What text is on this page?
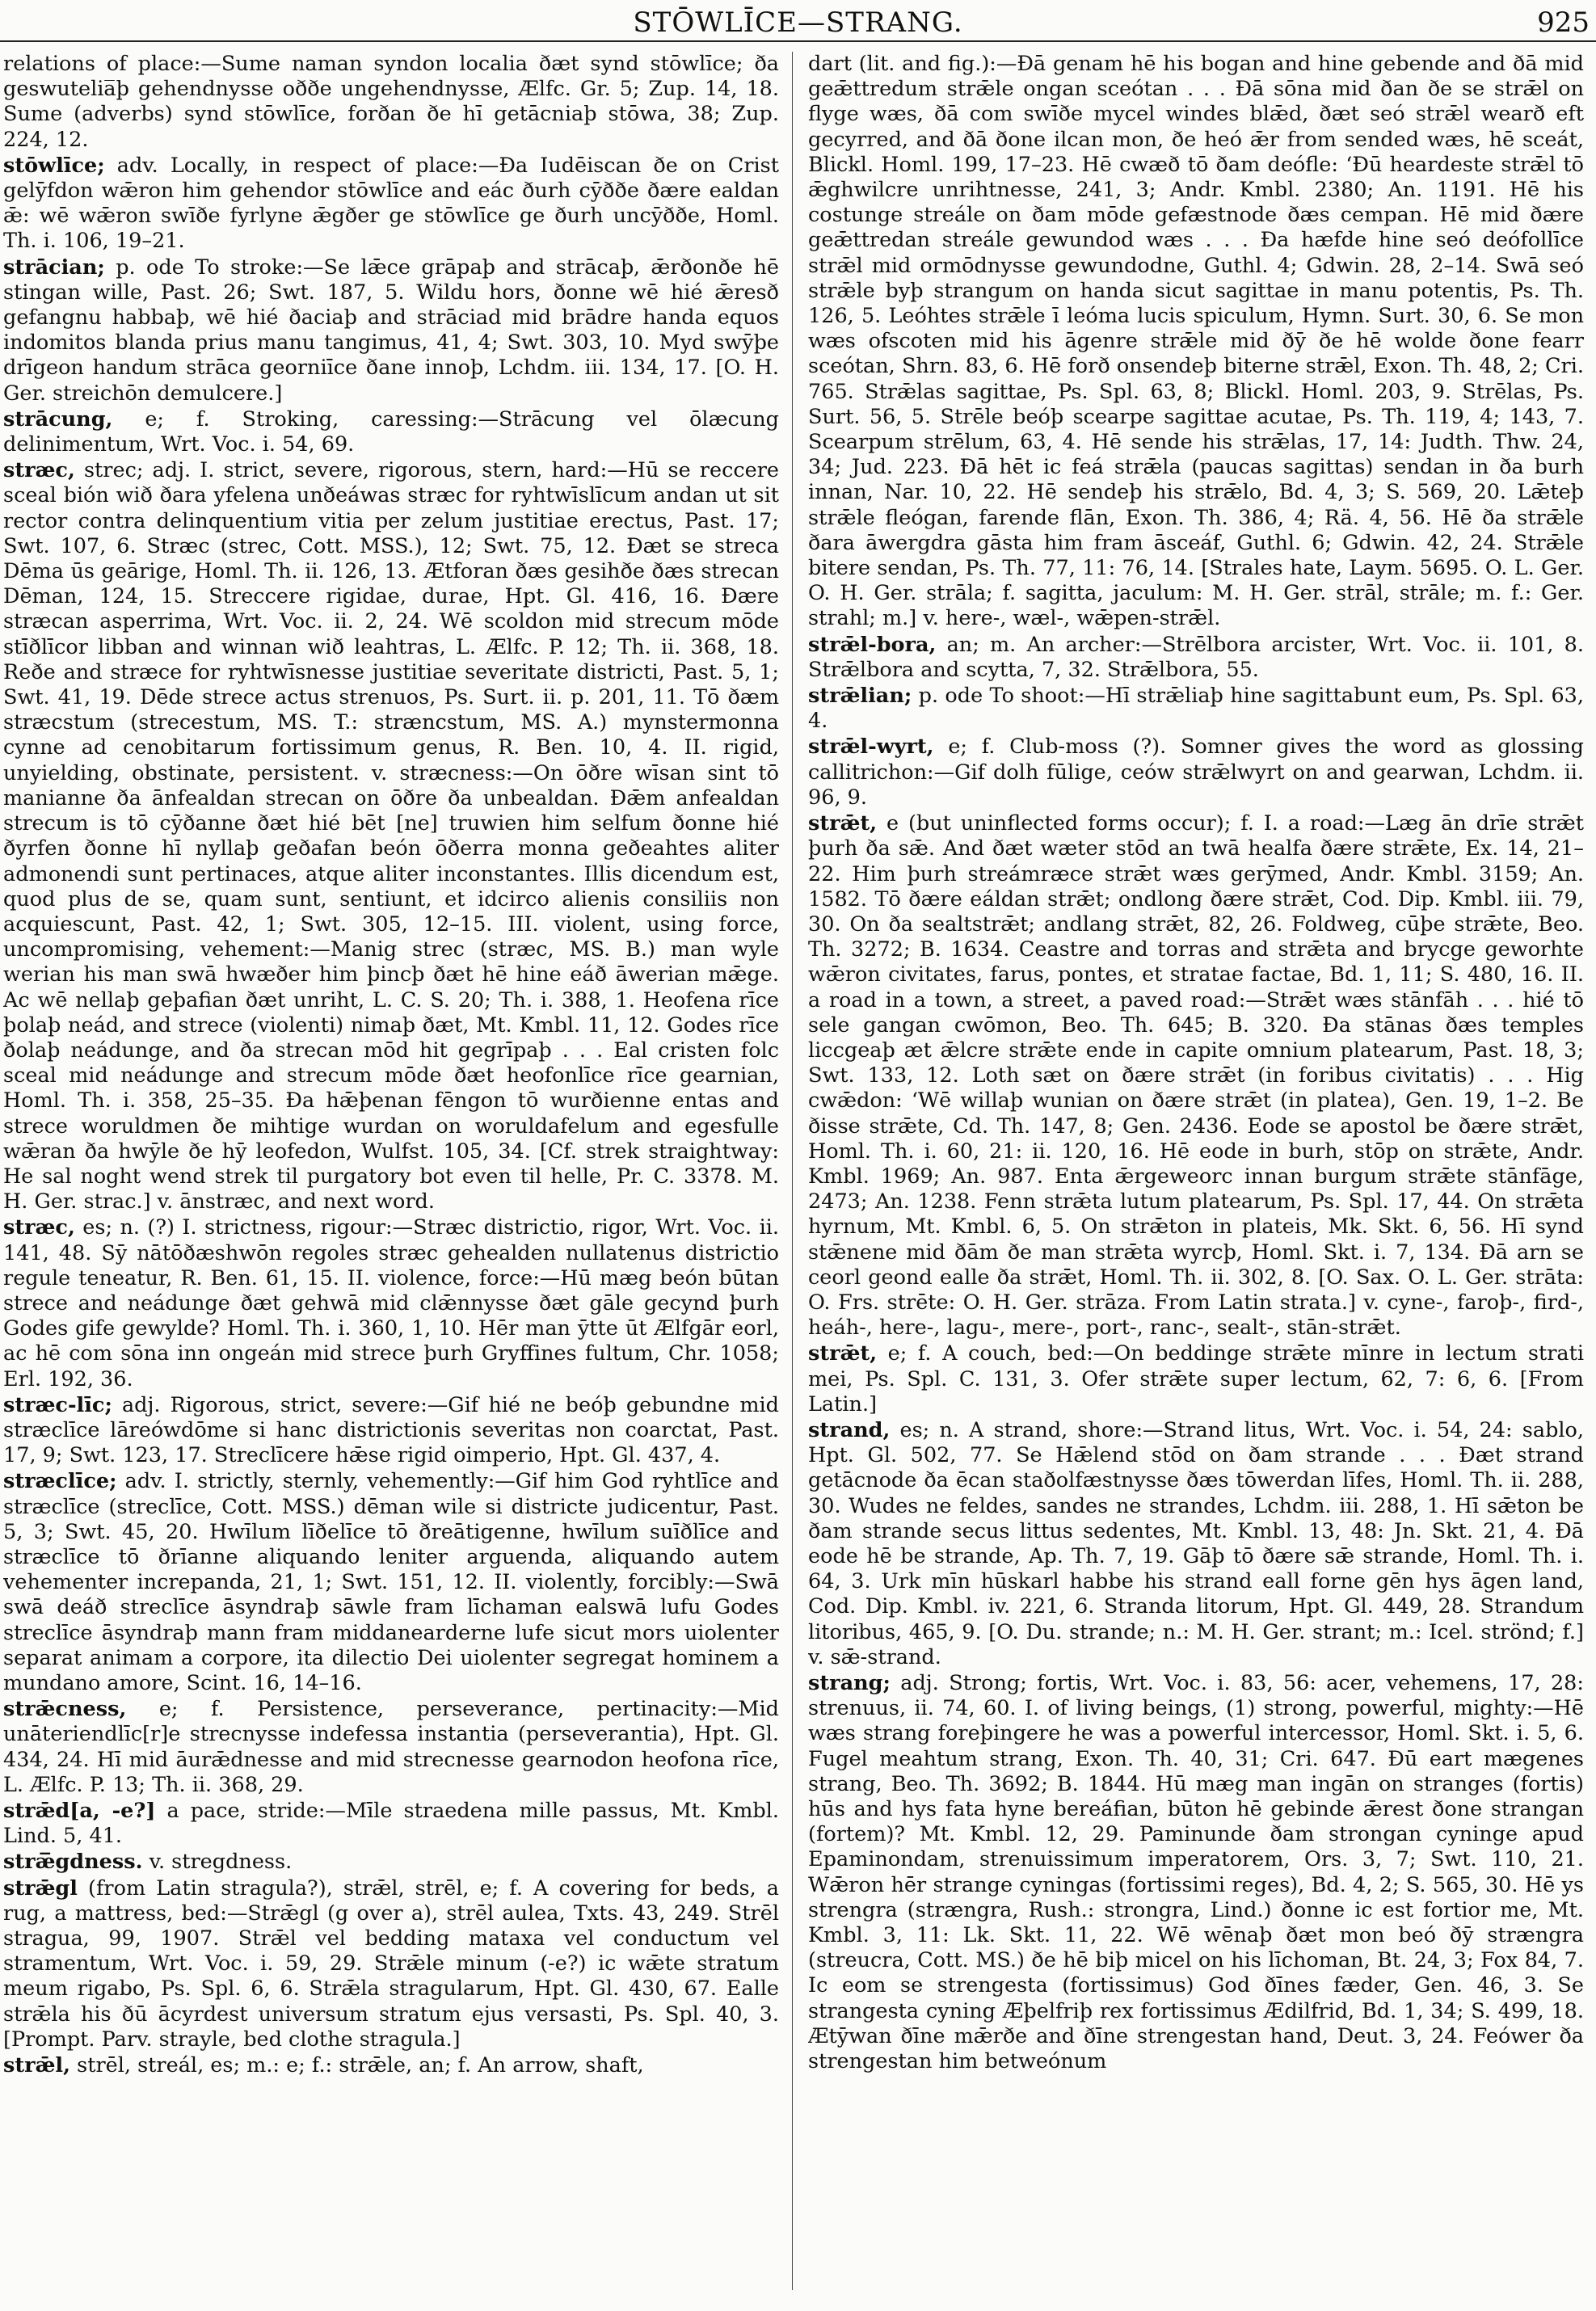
STŌWLĪCE—STRANG.	925
relations of place:—Sume naman syndon localia ðæt synd stōwlīce; ða geswutelia̅þ gehendnysse oððe ungehendnysse, Ælfc. Gr. 5; Zup. 14, 18. Sume (adverbs) synd stōwlīce, forðan ðe hī getācniaþ stōwa, 38; Zup. 224, 12.
stōwlīce; adv. Locally, in respect of place:—Ða Iudēiscan ðe on Crist gelȳfdon wǣron him gehendor stōwlīce and eác ðurh cȳððe ðære ealdan ǣ: wē wǣron swīðe fyrlyne ǣgðer ge stōwlīce ge ðurh uncȳððe, Homl. Th. i. 106, 19–21.
strācian; p. ode To stroke:—Se lǣce grāpaþ and strācaþ, ǣrðonðe hē stingan wille, Past. 26; Swt. 187, 5. Wildu hors, ðonne wē hié ǣresð gefangnu habbaþ, wē hié ðaciaþ and strāciad mid brādre handa equos indomitos blanda prius manu tangimus, 41, 4; Swt. 303, 10. Myd swȳþe drīgeon handum strāca georniīce ðane innoþ, Lchdm. iii. 134, 17. [O. H. Ger. streichōn demulcere.]
strācung, e; f. Stroking, caressing:—Strācung vel ōlæcung delinimentum, Wrt. Voc. i. 54, 69.
stræc, strec; adj. I. strict, severe, rigorous, stern, hard:—Hū se reccere sceal bión wið ðara yfelena unðeáwas stræc for ryhtwīslīcum andan ut sit rector contra delinquentium vitia per zelum justitiae erectus, Past. 17; Swt. 107, 6. Stræc (strec, Cott. MSS.), 12; Swt. 75, 12. Ðæt se streca Dēma ūs geārige, Homl. Th. ii. 126, 13. Ætforan ðæs gesihðe ðæs strecan Dēman, 124, 15. Streccere rigidae, durae, Hpt. Gl. 416, 16. Ðære stræcan asperrima, Wrt. Voc. ii. 2, 24. Wē scoldon mid strecum mōde stīðlīcor libban and winnan wið leahtras, L. Ælfc. P. 12; Th. ii. 368, 18. Reðe and stræce for ryhtwīsnesse justitiae severitate districti, Past. 5, 1; Swt. 41, 19. Dēde strece actus strenuos, Ps. Surt. ii. p. 201, 11. Tō ðæm stræcstum (strecestum, MS. T.: stræncstum, MS. A.) mynstermonna cynne ad cenobitarum fortissimum genus, R. Ben. 10, 4. II. rigid, unyielding, obstinate, persistent. v. stræcness:—On ōðre wīsan sint tō manianne ða ānfealdan strecan on ōðre ða unbealdan. Ðǣm anfealdan strecum is tō cȳðanne ðæt hié bēt [ne] truwien him selfum ðonne hié ðyrfen ðonne hī nyllaþ geðafan beón ōðerra monna geðeahtes aliter admonendi sunt pertinaces, atque aliter inconstantes. Illis dicendum est, quod plus de se, quam sunt, sentiunt, et idcirco alienis consiliis non acquiescunt, Past. 42, 1; Swt. 305, 12–15. III. violent, using force, uncompromising, vehement:—Manig strec (stræc, MS. B.) man wyle werian his man swā hwæðer him þincþ ðæt hē hine eáð āwerian mǣge. Ac wē nellaþ geþafian ðæt unriht, L. C. S. 20; Th. i. 388, 1. Heofena rīce þolaþ neád, and strece (violenti) nimaþ ðæt, Mt. Kmbl. 11, 12. Godes rīce ðolaþ neádunge, and ða strecan mōd hit gegrīpaþ . . . Eal cristen folc sceal mid neádunge and strecum mōde ðæt heofonlīce rīce gearnian, Homl. Th. i. 358, 25–35. Ða hǣþenan fēngon tō wurðienne entas and strece woruldmen ðe mihtige wurdan on woruldafelum and egesfulle wǣran ða hwȳle ðe hȳ leofedon, Wulfst. 105, 34. [Cf. strek straightway: He sal noght wend strek til purgatory bot even til helle, Pr. C. 3378. M. H. Ger. strac.] v. ānstræc, and next word.
stræc, es; n. (?) I. strictness, rigour:—Stræc districtio, rigor, Wrt. Voc. ii. 141, 48. Sȳ nātōðæshwōn regoles stræc gehealden nullatenus districtio regule teneatur, R. Ben. 61, 15. II. violence, force:—Hū mæg beón būtan strece and neádunge ðæt gehwā mid clǣnnysse ðæt gāle gecynd þurh Godes gife gewylde? Homl. Th. i. 360, 1, 10. Hēr man ȳtte ūt Ælfgār eorl, ac hē com sōna inn ongeán mid strece þurh Gryffines fultum, Chr. 1058; Erl. 192, 36.
stræc-līc; adj. Rigorous, strict, severe:—Gif hié ne beóþ gebundne mid stræclīce lāreówdōme si hanc districtionis severitas non coarctat, Past. 17, 9; Swt. 123, 17. Streclīcere hǣse rigid oimperio, Hpt. Gl. 437, 4.
stræclīce; adv. I. strictly, sternly, vehemently:—Gif him God ryhtlīce and stræclīce (streclīce, Cott. MSS.) dēman wile si districte judicentur, Past. 5, 3; Swt. 45, 20. Hwīlum līðelīce tō ðreātigenne, hwīlum suīðlīce and stræclīce tō ðrīanne aliquando leniter arguenda, aliquando autem vehementer increpanda, 21, 1; Swt. 151, 12. II. violently, forcibly:—Swā swā deáð streclīce āsyndraþ sāwle fram līchaman ealswā lufu Godes streclīce āsyndraþ mann fram middanearderne lufe sicut mors uiolenter separat animam a corpore, ita dilectio Dei uiolenter segregat hominem a mundano amore, Scint. 16, 14–16.
strǣcness, e; f. Persistence, perseverance, pertinacity:—Mid unāteriendlīc[r]e strecnysse indefessa instantia (perseverantia), Hpt. Gl. 434, 24. Hī mid āurǣdnesse and mid strecnesse gearnodon heofona rīce, L. Ælfc. P. 13; Th. ii. 368, 29.
strǣd[a, -e?] a pace, stride:—Mīle straedena mille passus, Mt. Kmbl. Lind. 5, 41.
stræ̅gdness. v. stregdness.
strǣgl (from Latin stragula?), strǣl, strēl, e; f. A covering for beds, a rug, a mattress, bed:—Strǣgl (g over a), strēl aulea, Txts. 43, 249. Strēl stragua, 99, 1907. Strǣl vel bedding mataxa vel conductum vel stramentum, Wrt. Voc. i. 59, 29. Strǣle minum (-e?) ic wǣte stratum meum rigabo, Ps. Spl. 6, 6. Strǣla stragularum, Hpt. Gl. 430, 67. Ealle strǣla his ðū ācyrdest universum stratum ejus versasti, Ps. Spl. 40, 3. [Prompt. Parv. strayle, bed clothe stragula.]
strǣl, strēl, streál, es; m.: e; f.: strǣle, an; f. An arrow, shaft,
dart (lit. and fig.):—Ðā genam hē his bogan and hine gebende and ðā mid geǣttredum strǣle ongan sceótan . . . Ðā sōna mid ðan ðe se strǣl on flyge wæs, ðā com swīðe mycel windes blǣd, ðæt seó strǣl wearð eft gecyrred, and ðā ðone ilcan mon, ðe heó ǣr from sended wæs, hē sceát, Blickl. Homl. 199, 17–23. Hē cwæð tō ðam deófle: ‘Ðū heardeste strǣl tō ǣghwilcre unrihtnesse, 241, 3; Andr. Kmbl. 2380; An. 1191. Hē his costunge streále on ðam mōde gefæstnode ðæs cempan. Hē mid ðære geǣttredan streále gewundod wæs . . . Ða hæfde hine seó deófollīce strǣl mid ormōdnysse gewundodne, Guthl. 4; Gdwin. 28, 2–14. Swā seó strǣle byþ strangum on handa sicut sagittae in manu potentis, Ps. Th. 126, 5. Leóhtes strǣle ī leóma lucis spiculum, Hymn. Surt. 30, 6. Se mon wæs ofscoten mid his āgenre strǣle mid ðȳ ðe hē wolde ðone fearr sceótan, Shrn. 83, 6. Hē forð onsendeþ biterne strǣl, Exon. Th. 48, 2; Cri. 765. Strǣlas sagittae, Ps. Spl. 63, 8; Blickl. Homl. 203, 9. Strēlas, Ps. Surt. 56, 5. Strēle beóþ scearpe sagittae acutae, Ps. Th. 119, 4; 143, 7. Scearpum strēlum, 63, 4. Hē sende his strǣlas, 17, 14: Judth. Thw. 24, 34; Jud. 223. Ðā hēt ic feá strǣla (paucas sagittas) sendan in ða burh innan, Nar. 10, 22. Hē sendeþ his strǣlo, Bd. 4, 3; S. 569, 20. Lǣteþ strǣle fleógan, farende flān, Exon. Th. 386, 4; Rä. 4, 56. Hē ða strǣle ðara āwergdra gāsta him fram āsceáf, Guthl. 6; Gdwin. 42, 24. Strǣle bitere sendan, Ps. Th. 77, 11: 76, 14. [Strales hate, Laym. 5695. O. L. Ger. O. H. Ger. strāla; f. sagitta, jaculum: M. H. Ger. strāl, strāle; m. f.: Ger. strahl; m.] v. here-, wæl-, wǣpen-strǣl.
strǣl-bora, an; m. An archer:—Strēlbora arcister, Wrt. Voc. ii. 101, 8. Strǣlbora and scytta, 7, 32. Strǣlbora, 55.
strǣlian; p. ode To shoot:—Hī strǣliaþ hine sagittabunt eum, Ps. Spl. 63, 4.
strǣl-wyrt, e; f. Club-moss (?). Somner gives the word as glossing callitrichon:—Gif dolh fūlige, ceów strǣlwyrt on and gearwan, Lchdm. ii. 96, 9.
strǣt, e (but uninflected forms occur); f. I. a road:—Læg ān drīe strǣt þurh ða sǣ. And ðæt wæter stōd an twā healfa ðære strǣte, Ex. 14, 21–22. Him þurh streámræce strǣt wæs gerȳmed, Andr. Kmbl. 3159; An. 1582. Tō ðære eáldan strǣt; ondlong ðære strǣt, Cod. Dip. Kmbl. iii. 79, 30. On ða sealtstrǣt; andlang strǣt, 82, 26. Foldweg, cūþe strǣte, Beo. Th. 3272; B. 1634. Ceastre and torras and strǣta and brycge geworhte wǣron civitates, farus, pontes, et stratae factae, Bd. 1, 11; S. 480, 16. II. a road in a town, a street, a paved road:—Strǣt wæs stānfāh . . . hié tō sele gangan cwōmon, Beo. Th. 645; B. 320. Ða stānas ðæs temples liccgeaþ æt ǣlcre strǣte ende in capite omnium platearum, Past. 18, 3; Swt. 133, 12. Loth sæt on ðære strǣt (in foribus civitatis) . . . Hig cwǣdon: ‘Wē willaþ wunian on ðære strǣt (in platea), Gen. 19, 1–2. Be ðisse strǣte, Cd. Th. 147, 8; Gen. 2436. Eode se apostol be ðære strǣt, Homl. Th. i. 60, 21: ii. 120, 16. Hē eode in burh, stōp on strǣte, Andr. Kmbl. 1969; An. 987. Enta ǣrgeweorc innan burgum strǣte stānfāge, 2473; An. 1238. Fenn strǣta lutum platearum, Ps. Spl. 17, 44. On strǣta hyrnum, Mt. Kmbl. 6, 5. On strǣton in plateis, Mk. Skt. 6, 56. Hī synd stǣnene mid ðām ðe man strǣta wyrcþ, Homl. Skt. i. 7, 134. Ðā arn se ceorl geond ealle ða strǣt, Homl. Th. ii. 302, 8. [O. Sax. O. L. Ger. strāta: O. Frs. strēte: O. H. Ger. strāza. From Latin strata.] v. cyne-, faroþ-, fird-, heáh-, here-, lagu-, mere-, port-, ranc-, sealt-, stān-strǣt.
strǣt, e; f. A couch, bed:—On beddinge strǣte mīnre in lectum strati mei, Ps. Spl. C. 131, 3. Ofer strǣte super lectum, 62, 7: 6, 6. [From Latin.]
strand, es; n. A strand, shore:—Strand litus, Wrt. Voc. i. 54, 24: sablo, Hpt. Gl. 502, 77. Se Hǣlend stōd on ðam strande . . . Ðæt strand getācnode ða ēcan staðolfæstnysse ðæs tōwerdan līfes, Homl. Th. ii. 288, 30. Wudes ne feldes, sandes ne strandes, Lchdm. iii. 288, 1. Hī sǣton be ðam strande secus littus sedentes, Mt. Kmbl. 13, 48: Jn. Skt. 21, 4. Ðā eode hē be strande, Ap. Th. 7, 19. Gāþ tō ðære sǣ strande, Homl. Th. i. 64, 3. Urk mīn hūskarl habbe his strand eall forne gēn hys āgen land, Cod. Dip. Kmbl. iv. 221, 6. Stranda litorum, Hpt. Gl. 449, 28. Strandum litoribus, 465, 9. [O. Du. strande; n.: M. H. Ger. strant; m.: Icel. strönd; f.] v. sǣ-strand.
strang; adj. Strong; fortis, Wrt. Voc. i. 83, 56: acer, vehemens, 17, 28: strenuus, ii. 74, 60. I. of living beings, (1) strong, powerful, mighty:—Hē wæs strang foreþingere he was a powerful intercessor, Homl. Skt. i. 5, 6. Fugel meahtum strang, Exon. Th. 40, 31; Cri. 647. Ðū eart mægenes strang, Beo. Th. 3692; B. 1844. Hū mæg man ingān on stranges (fortis) hūs and hys fata hyne bereáfian, būton hē gebinde ǣrest ðone strangan (fortem)? Mt. Kmbl. 12, 29. Paminunde ðam strongan cyninge apud Epaminondam, strenuissimum imperatorem, Ors. 3, 7; Swt. 110, 21. Wǣron hēr strange cyningas (fortissimi reges), Bd. 4, 2; S. 565, 30. Hē ys strengra (strængra, Rush.: strongra, Lind.) ðonne ic est fortior me, Mt. Kmbl. 3, 11: Lk. Skt. 11, 22. Wē wēnaþ ðæt mon beó ðȳ strængra (streucra, Cott. MS.) ðe hē biþ micel on his līchoman, Bt. 24, 3; Fox 84, 7. Ic eom se strengesta (fortissimus) God ðīnes fæder, Gen. 46, 3. Se strangesta cyning Æþelfriþ rex fortissimus Ædilfrid, Bd. 1, 34; S. 499, 18. Ætȳwan ðīne mǣrðe and ðīne strengestan hand, Deut. 3, 24. Feówer ða strengestan him betweónum
